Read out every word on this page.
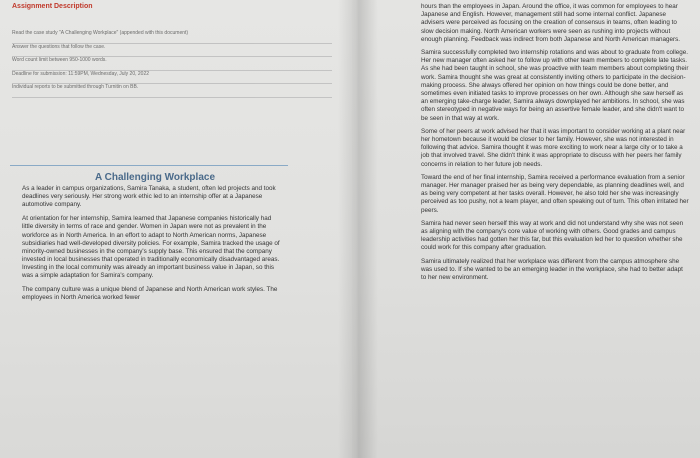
Assignment Description
Read the case study "A Challenging Workplace" (appended with this document)
Answer the questions that follow the case.
Word count limit between 950-1000 words.
Deadline for submission: 11:59PM, Wednesday, July 20, 2022
Individual reports to be submitted through Turnitin on BB.
A Challenging Workplace

As a leader in campus organizations, Samira Tanaka, a student, often led projects and took deadlines very seriously. Her strong work ethic led to an internship offer at a Japanese automotive company.

At orientation for her internship, Samira learned that Japanese companies historically had little diversity in terms of race and gender. Women in Japan were not as prevalent in the workforce as in North America. In an effort to adapt to North American norms, Japanese subsidiaries had well-developed diversity policies. For example, Samira tracked the usage of minority-owned businesses in the company's supply base. This ensured that the company invested in local businesses that operated in traditionally economically disadvantaged areas. Investing in the local community was already an important business value in Japan, so this was a simple adaptation for Samira's company.

The company culture was a unique blend of Japanese and North American work styles. The employees in North America worked fewer

hours than the employees in Japan. Around the office, it was common for employees to hear Japanese and English. However, management still had some internal conflict. Japanese advisers were perceived as focusing on the creation of consensus in teams, often leading to slow decision making. North American workers were seen as rushing into projects without enough planning. Feedback was indirect from both Japanese and North American managers.

Samira successfully completed two internship rotations and was about to graduate from college. Her new manager often asked her to follow up with other team members to complete late tasks. As she had been taught in school, she was proactive with team members about completing their work. Samira thought she was great at consistently inviting others to participate in the decision-making process. She always offered her opinion on how things could be done better, and sometimes even initiated tasks to improve processes on her own. Although she saw herself as an emerging take-charge leader, Samira always downplayed her ambitions. In school, she was often stereotyped in negative ways for being an assertive female leader, and she didn't want to be seen in that way at work.

Some of her peers at work advised her that it was important to consider working at a plant near her hometown because it would be closer to her family. However, she was not interested in following that advice. Samira thought it was more exciting to work near a large city or to take a job that involved travel. She didn't think it was appropriate to discuss with her peers her family concerns in relation to her future job needs.

Toward the end of her final internship, Samira received a performance evaluation from a senior manager. Her manager praised her as being very dependable, as planning deadlines well, and as being very competent at her tasks overall. However, he also told her she was increasingly perceived as too pushy, not a team player, and often speaking out of turn. This often irritated her peers.

Samira had never seen herself this way at work and did not understand why she was not seen as aligning with the company's core value of working with others. Good grades and campus leadership activities had gotten her this far, but this evaluation led her to question whether she could work for this company after graduation.

Samira ultimately realized that her workplace was different from the campus atmosphere she was used to. If she wanted to be an emerging leader in the workplace, she had to better adapt to her new environment.
